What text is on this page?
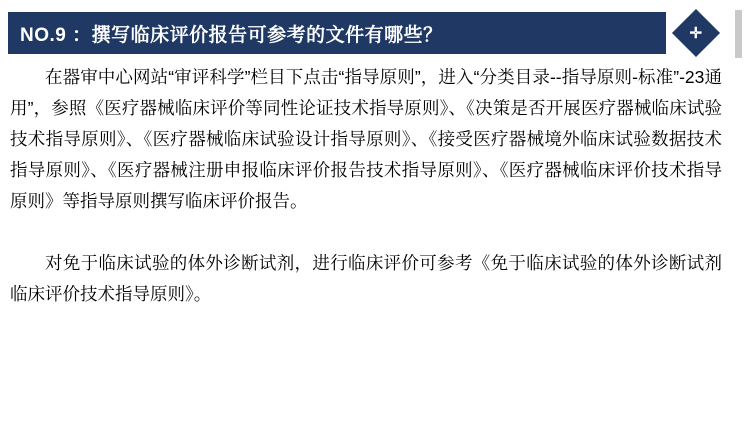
NO.9 ：撰写临床评价报告可参考的文件有哪些？	✛

在器审中心网站“审评科学”栏目下点击“指导原则”，进入“分类目录--指导原则-标准”-23通用”，参照《医疗器械临床评价等同性论证技术指导原则》、《决策是否开展医疗器械临床试验技术指导原则》、《医疗器械临床试验设计指导原则》、《接受医疗器械境外临床试验数据技术指导原则》、《医疗器械注册申报临床评价报告技术指导原则》、《医疗器械临床评价技术指导原则》等指导原则撰写临床评价报告。

对免于临床试验的体外诊断试剂，进行临床评价可参考《免于临床试验的体外诊断试剂临床评价技术指导原则》。
